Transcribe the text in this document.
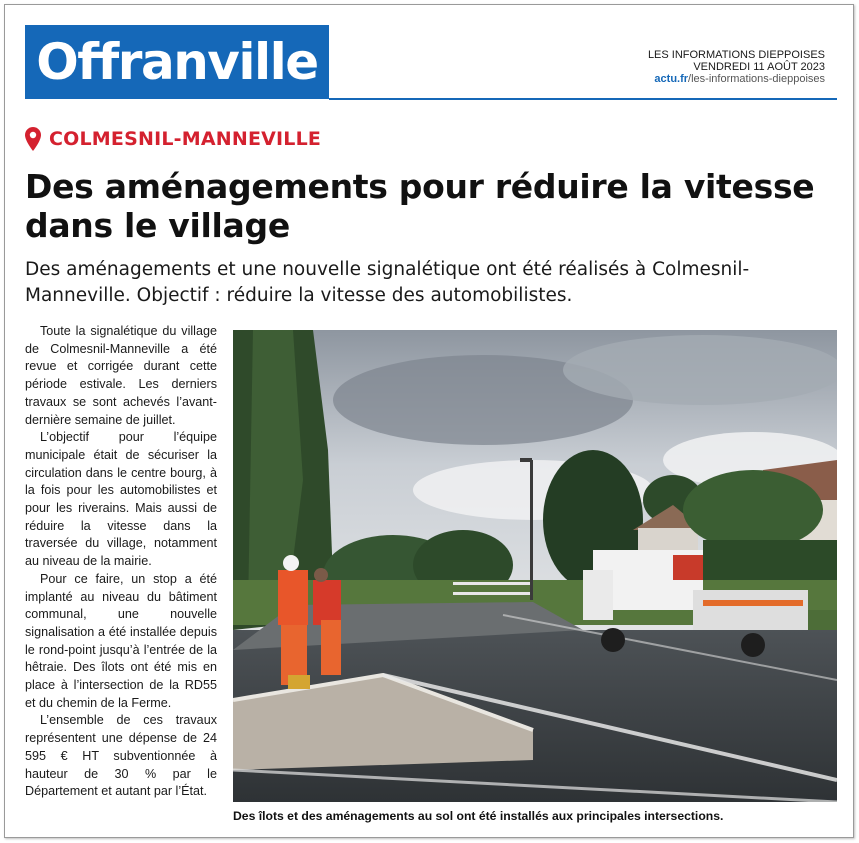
Offranville	LES INFORMATIONS DIEPPOISES
VENDREDI 11 AOÛT 2023
actu.fr/les-informations-dieppoises
COLMESNIL-MANNEVILLE
Des aménagements pour réduire la vitesse dans le village
Des aménagements et une nouvelle signalétique ont été réalisés à Colmesnil-Manneville. Objectif : réduire la vitesse des automobilistes.

Toute la signalétique du village de Colmesnil-Manneville a été revue et corrigée durant cette période estivale. Les derniers travaux se sont achevés l’avant-dernière semaine de juillet.

L’objectif pour l’équipe municipale était de sécuriser la circulation dans le centre bourg, à la fois pour les automobilistes et pour les riverains. Mais aussi de réduire la vitesse dans la traversée du village, notamment au niveau de la mairie.

Pour ce faire, un stop a été implanté au niveau du bâtiment communal, une nouvelle signalisation a été installée depuis le rond-point jusqu’à l’entrée de la hêtraie. Des îlots ont été mis en place à l’intersection de la RD55 et du chemin de la Ferme.

L’ensemble de ces travaux représentent une dépense de 24 595 € HT subventionnée à hauteur de 30 % par le Département et autant par l’État.

Des îlots et des aménagements au sol ont été installés aux principales intersections.
